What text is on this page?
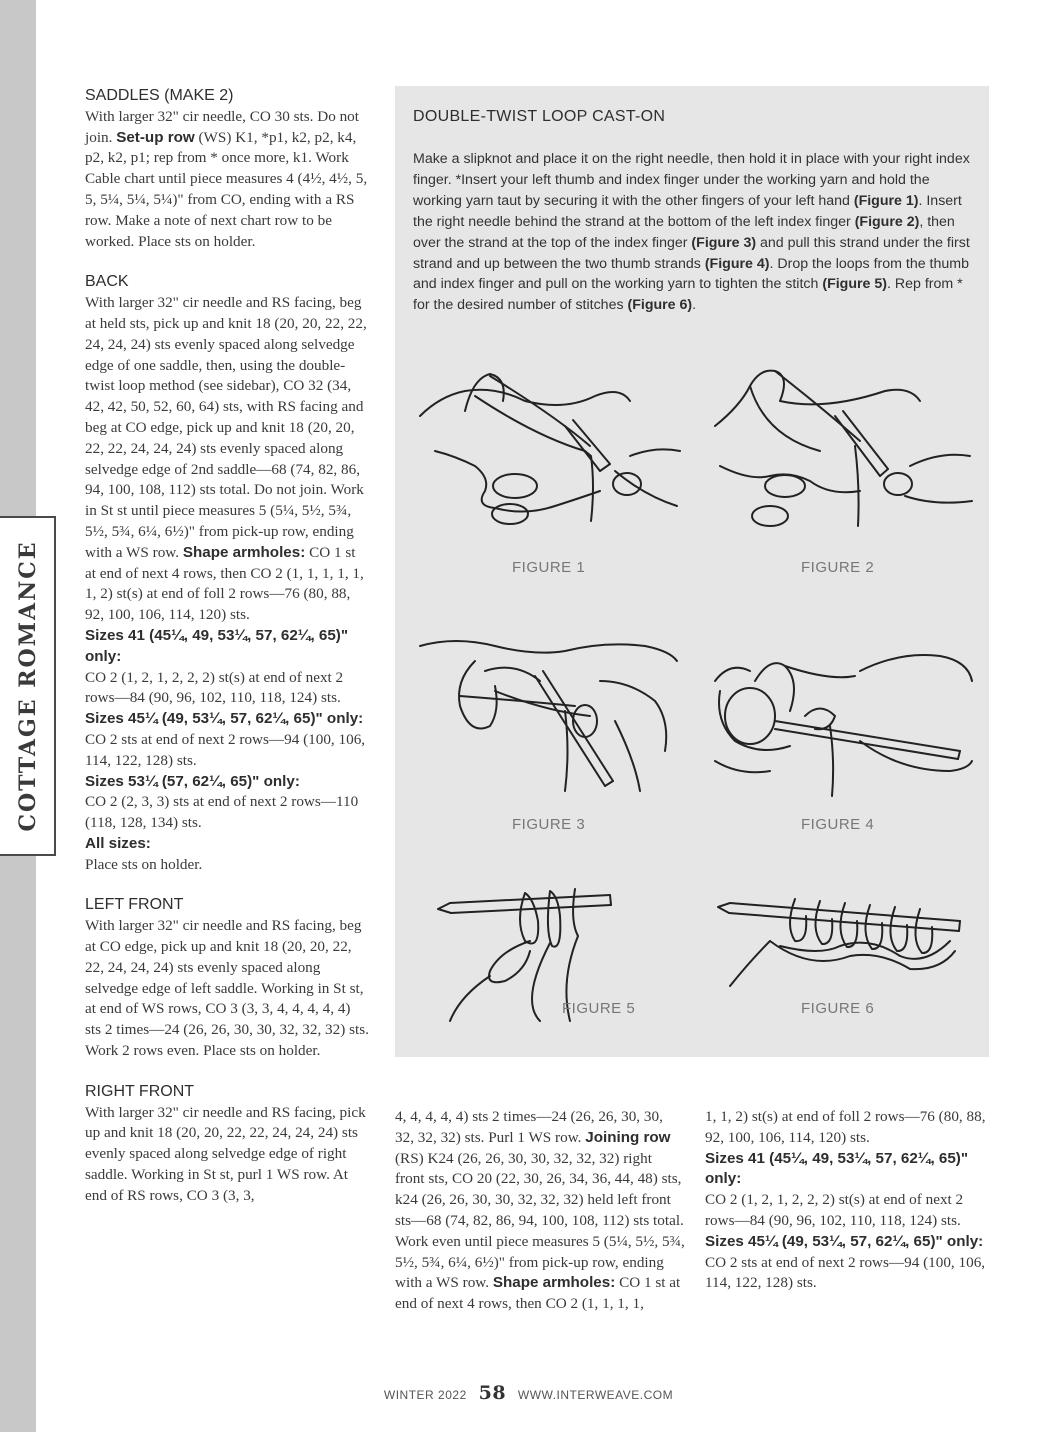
COTTAGE ROMANCE

SADDLES (MAKE 2)

With larger 32" cir needle, CO 30 sts. Do not join. Set-up row (WS) K1, *p1, k2, p2, k4, p2, k2, p1; rep from * once more, k1. Work Cable chart until piece measures 4 (4½, 4½, 5, 5, 5¼, 5¼, 5¼)" from CO, ending with a RS row. Make a note of next chart row to be worked. Place sts on holder.

BACK

With larger 32" cir needle and RS facing, beg at held sts, pick up and knit 18 (20, 20, 22, 22, 24, 24, 24) sts evenly spaced along selvedge edge of one saddle, then, using the double-twist loop method (see sidebar), CO 32 (34, 42, 42, 50, 52, 60, 64) sts, with RS facing and beg at CO edge, pick up and knit 18 (20, 20, 22, 22, 24, 24, 24) sts evenly spaced along selvedge edge of 2nd saddle—68 (74, 82, 86, 94, 100, 108, 112) sts total. Do not join. Work in St st until piece measures 5 (5¼, 5½, 5¾, 5½, 5¾, 6¼, 6½)" from pick-up row, ending with a WS row. Shape armholes: CO 1 st at end of next 4 rows, then CO 2 (1, 1, 1, 1, 1, 1, 2) st(s) at end of foll 2 rows—76 (80, 88, 92, 100, 106, 114, 120) sts.

Sizes 41 (45¼, 49, 53¼, 57, 62¼, 65)" only:

CO 2 (1, 2, 1, 2, 2, 2) st(s) at end of next 2 rows—84 (90, 96, 102, 110, 118, 124) sts.

Sizes 45¼ (49, 53¼, 57, 62¼, 65)" only:

CO 2 sts at end of next 2 rows—94 (100, 106, 114, 122, 128) sts.

Sizes 53¼ (57, 62¼, 65)" only:

CO 2 (2, 3, 3) sts at end of next 2 rows—110 (118, 128, 134) sts.

All sizes:

Place sts on holder.

LEFT FRONT

With larger 32" cir needle and RS facing, beg at CO edge, pick up and knit 18 (20, 20, 22, 22, 24, 24, 24) sts evenly spaced along selvedge edge of left saddle. Working in St st, at end of WS rows, CO 3 (3, 3, 4, 4, 4, 4, 4) sts 2 times—24 (26, 26, 30, 30, 32, 32, 32) sts. Work 2 rows even. Place sts on holder.

RIGHT FRONT

With larger 32" cir needle and RS facing, pick up and knit 18 (20, 20, 22, 22, 24, 24, 24) sts evenly spaced along selvedge edge of right saddle. Working in St st, purl 1 WS row. At end of RS rows, CO 3 (3, 3,

DOUBLE-TWIST LOOP CAST-ON
Make a slipknot and place it on the right needle, then hold it in place with your right index finger. *Insert your left thumb and index finger under the working yarn and hold the working yarn taut by securing it with the other fingers of your left hand (Figure 1). Insert the right needle behind the strand at the bottom of the left index finger (Figure 2), then over the strand at the top of the index finger (Figure 3) and pull this strand under the first strand and up between the two thumb strands (Figure 4). Drop the loops from the thumb and index finger and pull on the working yarn to tighten the stitch (Figure 5). Rep from * for the desired number of stitches (Figure 6).
FIGURE 1	FIGURE 2
FIGURE 3	FIGURE 4
FIGURE 5	FIGURE 6

4, 4, 4, 4, 4) sts 2 times—24 (26, 26, 30, 30, 32, 32, 32) sts. Purl 1 WS row. Joining row (RS) K24 (26, 26, 30, 30, 32, 32, 32) right front sts, CO 20 (22, 30, 26, 34, 36, 44, 48) sts, k24 (26, 26, 30, 30, 32, 32, 32) held left front sts—68 (74, 82, 86, 94, 100, 108, 112) sts total. Work even until piece measures 5 (5¼, 5½, 5¾, 5½, 5¾, 6¼, 6½)" from pick-up row, ending with a WS row. Shape armholes: CO 1 st at end of next 4 rows, then CO 2 (1, 1, 1, 1,

1, 1, 2) st(s) at end of foll 2 rows—76 (80, 88, 92, 100, 106, 114, 120) sts.

Sizes 41 (45¼, 49, 53¼, 57, 62¼, 65)" only:

CO 2 (1, 2, 1, 2, 2, 2) st(s) at end of next 2 rows—84 (90, 96, 102, 110, 118, 124) sts.

Sizes 45¼ (49, 53¼, 57, 62¼, 65)" only:

CO 2 sts at end of next 2 rows—94 (100, 106, 114, 122, 128) sts.

WINTER 2022 58 WWW.INTERWEAVE.COM
